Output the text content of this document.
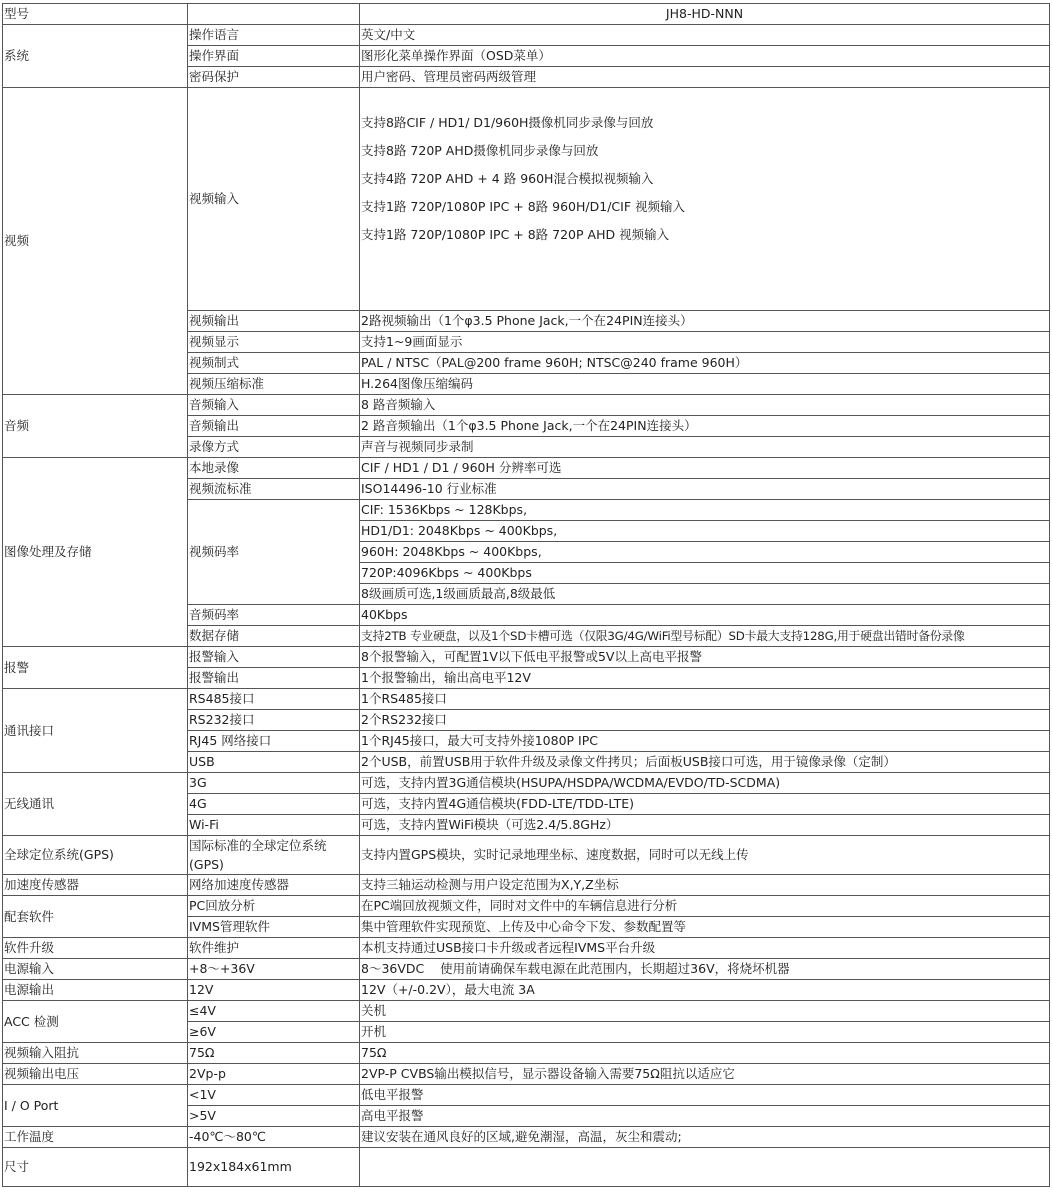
型号		JH8-HD-NNN
系统	操作语言	英文/中文
	操作界面	图形化菜单操作界面（OSD菜单）
	密码保护	用户密码、管理员密码两级管理
视频	视频输入	支持8路CIF / HD1/ D1/960H摄像机同步录像与回放
支持8路 720P AHD摄像机同步录像与回放
支持4路 720P AHD + 4 路 960H混合模拟视频输入
支持1路 720P/1080P IPC + 8路 960H/D1/CIF 视频输入
支持1路 720P/1080P IPC + 8路 720P AHD 视频输入

	视频输出	2路视频输出（1个φ3.5 Phone Jack,一个在24PIN连接头）
	视频显示	支持1~9画面显示
	视频制式	PAL / NTSC（PAL@200 frame 960H; NTSC@240 frame 960H）
	视频压缩标准	H.264图像压缩编码
音频	音频输入	8 路音频输入
	音频输出	2 路音频输出（1个φ3.5 Phone Jack,一个在24PIN连接头）
	录像方式	声音与视频同步录制
图像处理及存储	本地录像	CIF / HD1 / D1 / 960H 分辨率可选
	视频流标准	ISO14496-10 行业标准
	视频码率	CIF: 1536Kbps ~ 128Kbps,
		HD1/D1: 2048Kbps ~ 400Kbps,
		960H: 2048Kbps ~ 400Kbps,
		720P:4096Kbps ~ 400Kbps
		8级画质可选,1级画质最高,8级最低
	音频码率	40Kbps
	数据存储	支持2TB 专业硬盘，以及1个SD卡槽可选（仅限3G/4G/WiFi型号标配）SD卡最大支持128G,用于硬盘出错时备份录像
报警	报警输入	8个报警输入，可配置1V以下低电平报警或5V以上高电平报警
	报警输出	1个报警输出，输出高电平12V
通讯接口	RS485接口	1个RS485接口
	RS232接口	2个RS232接口
	RJ45 网络接口	1个RJ45接口，最大可支持外接1080P IPC
	USB	2个USB，前置USB用于软件升级及录像文件拷贝；后面板USB接口可选，用于镜像录像（定制）
无线通讯	3G	可选，支持内置3G通信模块(HSUPA/HSDPA/WCDMA/EVDO/TD-SCDMA)
	4G	可选，支持内置4G通信模块(FDD-LTE/TDD-LTE)
	Wi-Fi	可选，支持内置WiFi模块（可选2.4/5.8GHz）
全球定位系统(GPS)	国际标准的全球定位系统(GPS)	支持内置GPS模块，实时记录地理坐标、速度数据，同时可以无线上传
加速度传感器	网络加速度传感器	支持三轴运动检测与用户设定范围为X,Y,Z坐标
配套软件	PC回放分析	在PC端回放视频文件，同时对文件中的车辆信息进行分析
	IVMS管理软件	集中管理软件实现预览、上传及中心命令下发、参数配置等
软件升级	软件维护	本机支持通过USB接口卡升级或者远程IVMS平台升级
电源输入	+8～+36V	8～36VDC    使用前请确保车载电源在此范围内，长期超过36V，将烧坏机器
电源输出	12V	12V（+/-0.2V），最大电流 3A
ACC 检测	≤4V	关机
	≥6V	开机
视频输入阻抗	75Ω	75Ω
视频输出电压	2Vp-p	2VP-P CVBS输出模拟信号，显示器设备输入需要75Ω阻抗以适应它
I / O Port	<1V	低电平报警
	>5V	高电平报警
工作温度	-40℃～80℃	建议安装在通风良好的区域,避免潮湿，高温，灰尘和震动;
尺寸	192x184x61mm	
